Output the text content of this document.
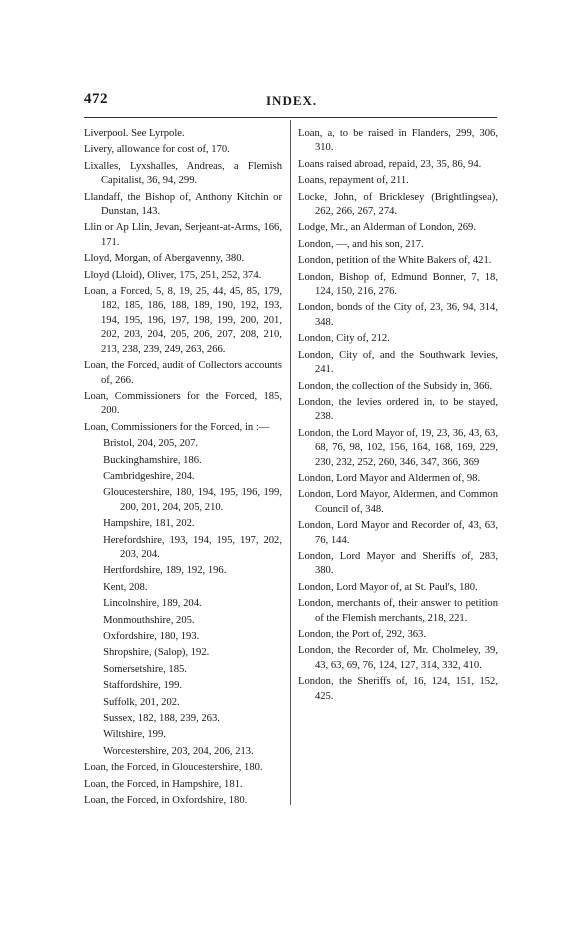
472	INDEX.
Liverpool. See Lyrpole.
Livery, allowance for cost of, 170.
Lixalles, Lyxshalles, Andreas, a Flemish Capitalist, 36, 94, 299.
Llandaff, the Bishop of, Anthony Kitchin or Dunstan, 143.
Llin or Ap Llin, Jevan, Serjeant-at-Arms, 166, 171.
Lloyd, Morgan, of Abergavenny, 380.
Lloyd (Lloid), Oliver, 175, 251, 252, 374.
Loan, a Forced, 5, 8, 19, 25, 44, 45, 85, 179, 182, 185, 186, 188, 189, 190, 192, 193, 194, 195, 196, 197, 198, 199, 200, 201, 202, 203, 204, 205, 206, 207, 208, 210, 213, 238, 239, 249, 263, 266.
Loan, the Forced, audit of Collectors accounts of, 266.
Loan, Commissioners for the Forced, 185, 200.
Loan, Commissioners for the Forced, in :—
Bristol, 204, 205, 207.
Buckinghamshire, 186.
Cambridgeshire, 204.
Gloucestershire, 180, 194, 195, 196, 199, 200, 201, 204, 205, 210.
Hampshire, 181, 202.
Herefordshire, 193, 194, 195, 197, 202, 203, 204.
Hertfordshire, 189, 192, 196.
Kent, 208.
Lincolnshire, 189, 204.
Monmouthshire, 205.
Oxfordshire, 180, 193.
Shropshire, (Salop), 192.
Somersetshire, 185.
Staffordshire, 199.
Suffolk, 201, 202.
Sussex, 182, 188, 239, 263.
Wiltshire, 199.
Worcestershire, 203, 204, 206, 213.
Loan, the Forced, in Gloucestershire, 180.
Loan, the Forced, in Hampshire, 181.
Loan, the Forced, in Oxfordshire, 180.
Loan, a, to be raised in Flanders, 299, 306, 310.
Loans raised abroad, repaid, 23, 35, 86, 94.
Loans, repayment of, 211.
Locke, John, of Bricklesey (Brightlingsea), 262, 266, 267, 274.
Lodge, Mr., an Alderman of London, 269.
London, —, and his son, 217.
London, petition of the White Bakers of, 421.
London, Bishop of, Edmund Bonner, 7, 18, 124, 150, 216, 276.
London, bonds of the City of, 23, 36, 94, 314, 348.
London, City of, 212.
London, City of, and the Southwark levies, 241.
London, the collection of the Subsidy in, 366.
London, the levies ordered in, to be stayed, 238.
London, the Lord Mayor of, 19, 23, 36, 43, 63, 68, 76, 98, 102, 156, 164, 168, 169, 229, 230, 232, 252, 260, 346, 347, 366, 369
London, Lord Mayor and Aldermen of, 98.
London, Lord Mayor, Aldermen, and Common Council of, 348.
London, Lord Mayor and Recorder of, 43, 63, 76, 144.
London, Lord Mayor and Sheriffs of, 283, 380.
London, Lord Mayor of, at St. Paul's, 180.
London, merchants of, their answer to petition of the Flemish merchants, 218, 221.
London, the Port of, 292, 363.
London, the Recorder of, Mr. Cholmeley, 39, 43, 63, 69, 76, 124, 127, 314, 332, 410.
London, the Sheriffs of, 16, 124, 151, 152, 425.
